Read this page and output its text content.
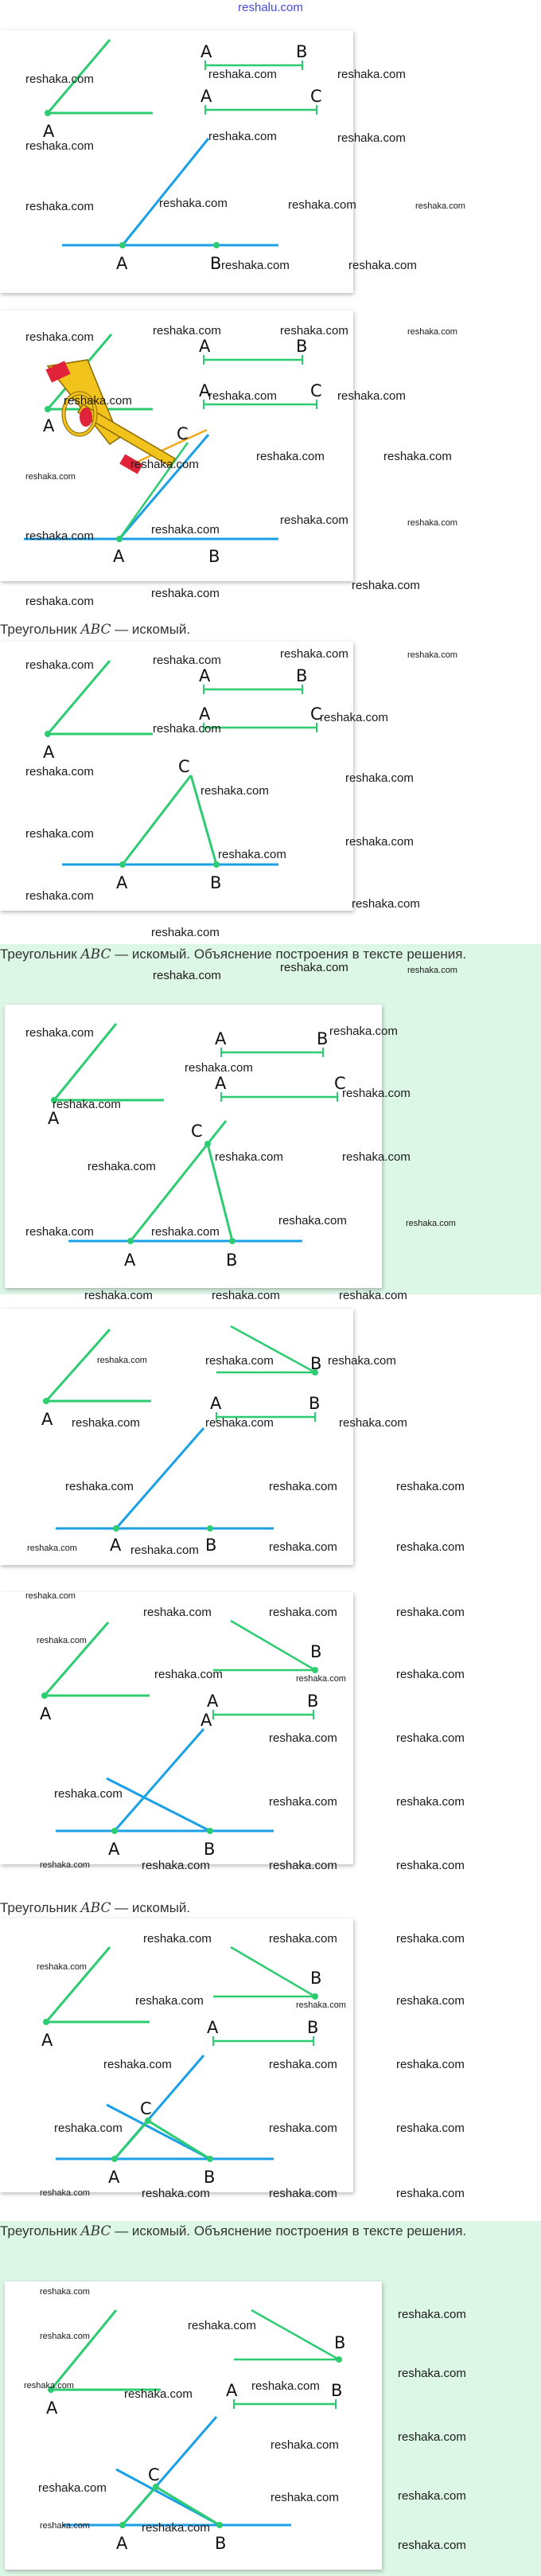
reshalu.com
A
A	B
A	C
A	B
reshaka.com	reshaka.com	reshaka.com
reshaka.com
reshaka.com	reshaka.com
reshaka.com	reshaka.com	reshaka.com	reshaka.com
reshaka.com	reshaka.com
A
A	B
A	C
C
A	B
reshaka.com	reshaka.com	reshaka.com	reshaka.com
reshaka.com	reshaka.com	reshaka.com
reshaka.com
reshaka.com
reshaka.com	reshaka.com
reshaka.com	reshaka.com
reshaka.com	reshaka.com
reshaka.com
reshaka.com
reshaka.com
Треугольник ABC — искомый.
A
A	B
A	C
C
A	B
reshaka.com	reshaka.com	reshaka.com	reshaka.com
reshaka.com
reshaka.com
reshaka.com
reshaka.com
reshaka.com
reshaka.com
reshaka.com
reshaka.com
reshaka.com
reshaka.com
reshaka.com
Треугольник ABC — искомый. Объяснение построения в тексте решения.
A
A	B
A	C
C
A	B
reshaka.com
reshaka.com
reshaka.com	reshaka.com
reshaka.com
reshaka.com
reshaka.com
reshaka.com
reshaka.com
reshaka.com	reshaka.com
reshaka.com	reshaka.com
reshaka.com	reshaka.com
reshaka.com	reshaka.com	reshaka.com
A
B
A	B
A	B
reshaka.com	reshaka.com	reshaka.com
reshaka.com	reshaka.com	reshaka.com
reshaka.com	reshaka.com	reshaka.com
reshaka.com	reshaka.com	reshaka.com	reshaka.com
A
B
A	B
A
A	B
reshaka.com
reshaka.com
reshaka.com	reshaka.com	reshaka.com
reshaka.com	reshaka.com	reshaka.com
reshaka.com	reshaka.com
reshaka.com
reshaka.com	reshaka.com
reshaka.com	reshaka.com	reshaka.com	reshaka.com
Треугольник ABC — искомый.
A
B
A	B
C
A	B
reshaka.com
reshaka.com	reshaka.com	reshaka.com
reshaka.com	reshaka.com	reshaka.com
reshaka.com	reshaka.com	reshaka.com
reshaka.com	reshaka.com	reshaka.com
reshaka.com	reshaka.com	reshaka.com	reshaka.com
Треугольник ABC — искомый. Объяснение построения в тексте решения.
A
B
A	B
C
A	B
reshaka.com
reshaka.com
reshaka.com
reshaka.com
reshaka.com
reshaka.com
reshaka.com
reshaka.com
reshaka.com
reshaka.com
reshaka.com
reshaka.com	reshaka.com
reshaka.com	reshaka.com
reshaka.com
